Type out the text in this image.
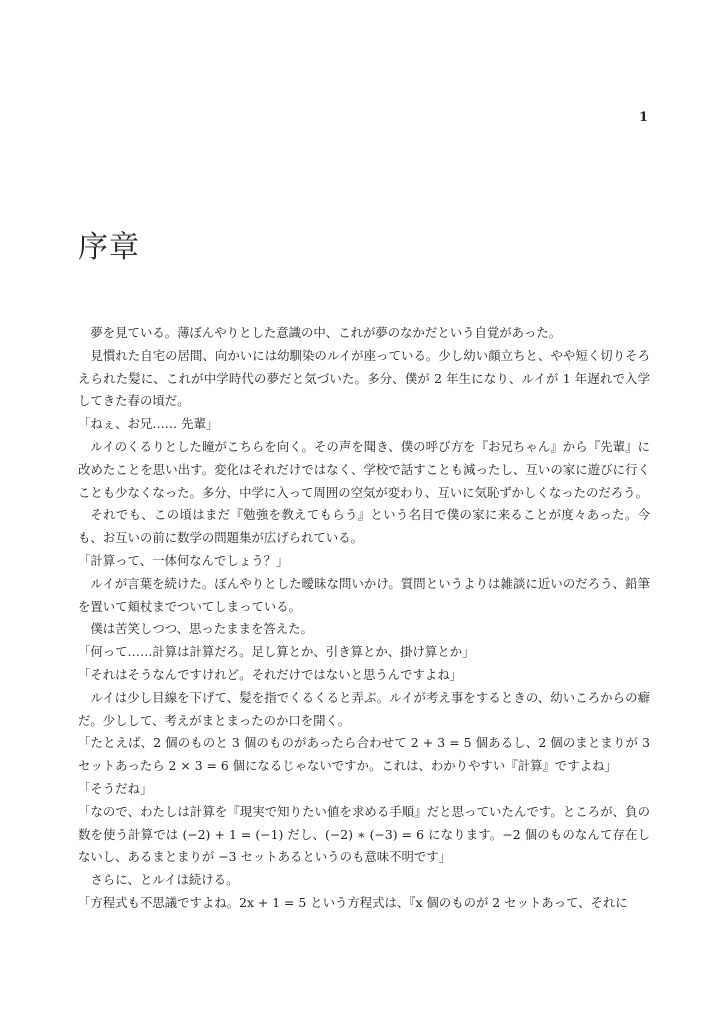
1
序章

夢を見ている。薄ぼんやりとした意識の中、これが夢のなかだという自覚があった。

見慣れた自宅の居間、向かいには幼馴染のルイが座っている。少し幼い顔立ちと、やや短く切りそろえられた髪に、これが中学時代の夢だと気づいた。多分、僕が 2 年生になり、ルイが 1 年遅れで入学してきた春の頃だ。

「ねぇ、お兄…… 先輩」

ルイのくるりとした瞳がこちらを向く。その声を聞き、僕の呼び方を『お兄ちゃん』から『先輩』に改めたことを思い出す。変化はそれだけではなく、学校で話すことも減ったし、互いの家に遊びに行くことも少なくなった。多分、中学に入って周囲の空気が変わり、互いに気恥ずかしくなったのだろう。

それでも、この頃はまだ『勉強を教えてもらう』という名目で僕の家に来ることが度々あった。今も、お互いの前に数学の問題集が広げられている。

「計算って、一体何なんでしょう？」

ルイが言葉を続けた。ぼんやりとした曖昧な問いかけ。質問というよりは雑談に近いのだろう、鉛筆を置いて頬杖までついてしまっている。

僕は苦笑しつつ、思ったままを答えた。

「何って……計算は計算だろ。足し算とか、引き算とか、掛け算とか」

「それはそうなんですけれど。それだけではないと思うんですよね」

ルイは少し目線を下げて、髪を指でくるくると弄ぶ。ルイが考え事をするときの、幼いころからの癖だ。少しして、考えがまとまったのか口を開く。

「たとえば、2 個のものと 3 個のものがあったら合わせて 2 + 3 = 5 個あるし、2 個のまとまりが 3 セットあったら 2 × 3 = 6 個になるじゃないですか。これは、わかりやすい『計算』ですよね」

「そうだね」

「なので、わたしは計算を『現実で知りたい値を求める手順』だと思っていたんです。ところが、負の数を使う計算では (−2) + 1 = (−1) だし、(−2) ∗ (−3) = 6 になります。−2 個のものなんて存在しないし、あるまとまりが −3 セットあるというのも意味不明です」

さらに、とルイは続ける。

「方程式も不思議ですよね。2x + 1 = 5 という方程式は、『x 個のものが 2 セットあって、それに
